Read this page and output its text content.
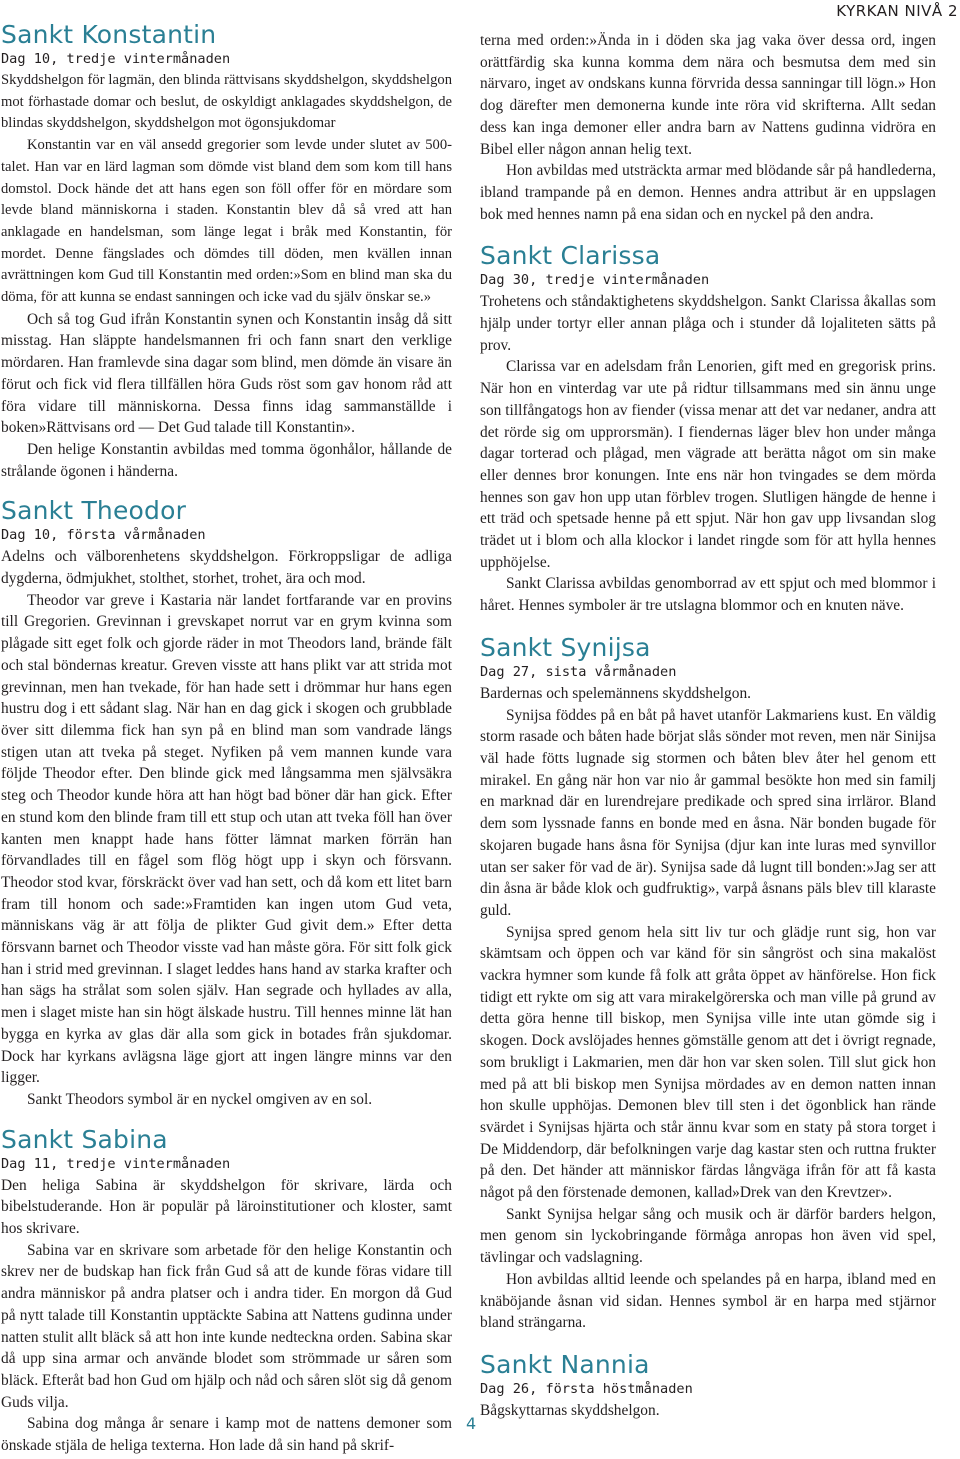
KYRKAN NIVÅ 2
Sankt Konstantin
Dag 10, tredje vintermånaden

Skyddshelgon för lagmän, den blinda rättvisans skyddshelgon, skyddshelgon mot förhastade domar och beslut, de oskyldigt anklagades skyddshelgon, de blindas skyddshelgon, skyddshelgon mot ögonsjukdomar

Konstantin var en väl ansedd gregorier som levde under slutet av 500-talet. Han var en lärd lagman som dömde vist bland dem som kom till hans domstol. Dock hände det att hans egen son föll offer för en mördare som levde bland människorna i staden. Konstantin blev då så vred att han anklagade en handelsman, som länge legat i bråk med Konstantin, för mordet. Denne fängslades och dömdes till döden, men kvällen innan avrättningen kom Gud till Konstantin med orden:»Som en blind man ska du döma, för att kunna se endast sanningen och icke vad du själv önskar se.»

Och så tog Gud ifrån Konstantin synen och Konstantin insåg då sitt misstag. Han släppte handelsmannen fri och fann snart den verklige mördaren. Han framlevde sina dagar som blind, men dömde än visare än förut och fick vid flera tillfällen höra Guds röst som gav honom råd att föra vidare till människorna. Dessa finns idag sammanställde i boken»Rättvisans ord — Det Gud talade till Konstantin».

Den helige Konstantin avbildas med tomma ögonhålor, hållande de strålande ögonen i händerna.

Sankt Theodor
Dag 10, första vårmånaden

Adelns och välborenhetens skyddshelgon. Förkroppsligar de adliga dygderna, ödmjukhet, stolthet, storhet, trohet, ära och mod.

Theodor var greve i Kastaria när landet fortfarande var en provins till Gregorien. Grevinnan i grevskapet norrut var en grym kvinna som plågade sitt eget folk och gjorde räder in mot Theodors land, brände fält och stal böndernas kreatur. Greven visste att hans plikt var att strida mot grevinnan, men han tvekade, för han hade sett i drömmar hur hans egen hustru dog i ett sådant slag. När han en dag gick i skogen och grubblade över sitt dilemma fick han syn på en blind man som vandrade längs stigen utan att tveka på steget. Nyfiken på vem mannen kunde vara följde Theodor efter. Den blinde gick med långsamma men självsäkra steg och Theodor kunde höra att han högt bad böner där han gick. Efter en stund kom den blinde fram till ett stup och utan att tveka föll han över kanten men knappt hade hans fötter lämnat marken förrän han förvandlades till en fågel som flög högt upp i skyn och försvann. Theodor stod kvar, förskräckt över vad han sett, och då kom ett litet barn fram till honom och sade:»Framtiden kan ingen utom Gud veta, människans väg är att följa de plikter Gud givit dem.» Efter detta försvann barnet och Theodor visste vad han måste göra. För sitt folk gick han i strid med grevinnan. I slaget leddes hans hand av starka krafter och han sägs ha strålat som solen själv. Han segrade och hyllades av alla, men i slaget miste han sin högt älskade hustru. Till hennes minne lät han bygga en kyrka av glas där alla som gick in botades från sjukdomar. Dock har kyrkans avlägsna läge gjort att ingen längre minns var den ligger.

Sankt Theodors symbol är en nyckel omgiven av en sol.

Sankt Sabina
Dag 11, tredje vintermånaden

Den heliga Sabina är skyddshelgon för skrivare, lärda och bibelstuderande. Hon är populär på läroinstitutioner och kloster, samt hos skrivare.

Sabina var en skrivare som arbetade för den helige Konstantin och skrev ner de budskap han fick från Gud så att de kunde föras vidare till andra människor på andra platser och i andra tider. En morgon då Gud på nytt talade till Konstantin upptäckte Sabina att Nattens gudinna under natten stulit allt bläck så att hon inte kunde nedteckna orden. Sabina skar då upp sina armar och använde blodet som strömmade ur såren som bläck. Efteråt bad hon Gud om hjälp och nåd och såren slöt sig då genom Guds vilja.

Sabina dog många år senare i kamp mot de nattens demoner som önskade stjäla de heliga texterna. Hon lade då sin hand på skrif-

terna med orden:»Ända in i döden ska jag vaka över dessa ord, ingen orättfärdig ska kunna komma dem nära och besmutsa dem med sin närvaro, inget av ondskans kunna förvrida dessa sanningar till lögn.» Hon dog därefter men demonerna kunde inte röra vid skrifterna. Allt sedan dess kan inga demoner eller andra barn av Nattens gudinna vidröra en Bibel eller någon annan helig text.

Hon avbildas med utsträckta armar med blödande sår på handlederna, ibland trampande på en demon. Hennes andra attribut är en uppslagen bok med hennes namn på ena sidan och en nyckel på den andra.

Sankt Clarissa
Dag 30, tredje vintermånaden

Trohetens och ståndaktighetens skyddshelgon. Sankt Clarissa åkallas som hjälp under tortyr eller annan plåga och i stunder då lojaliteten sätts på prov.

Clarissa var en adelsdam från Lenorien, gift med en gregorisk prins. När hon en vinterdag var ute på ridtur tillsammans med sin ännu unge son tillfångatogs hon av fiender (vissa menar att det var nedaner, andra att det rörde sig om upprorsmän). I fiendernas läger blev hon under många dagar torterad och plågad, men vägrade att berätta något om sin make eller dennes bror konungen. Inte ens när hon tvingades se dem mörda hennes son gav hon upp utan förblev trogen. Slutligen hängde de henne i ett träd och spetsade henne på ett spjut. När hon gav upp livsandan slog trädet ut i blom och alla klockor i landet ringde som för att hylla hennes upphöjelse.

Sankt Clarissa avbildas genomborrad av ett spjut och med blommor i håret. Hennes symboler är tre utslagna blommor och en knuten näve.

Sankt Synijsa
Dag 27, sista vårmånaden

Bardernas och spelemännens skyddshelgon.

Synijsa föddes på en båt på havet utanför Lakmariens kust. En väldig storm rasade och båten hade börjat slås sönder mot reven, men när Sinijsa väl hade fötts lugnade sig stormen och båten blev åter hel genom ett mirakel. En gång när hon var nio år gammal besökte hon med sin familj en marknad där en lurendrejare predikade och spred sina irrläror. Bland dem som lyssnade fanns en bonde med en åsna. När bonden bugade för skojaren bugade hans åsna för Synijsa (djur kan inte luras med synvillor utan ser saker för vad de är). Synijsa sade då lugnt till bonden:»Jag ser att din åsna är både klok och gudfruktig», varpå åsnans päls blev till klaraste guld.

Synijsa spred genom hela sitt liv tur och glädje runt sig, hon var skämtsam och öppen och var känd för sin sångröst och sina makalöst vackra hymner som kunde få folk att gråta öppet av hänförelse. Hon fick tidigt ett rykte om sig att vara mirakelgörerska och man ville på grund av detta göra henne till biskop, men Synijsa ville inte utan gömde sig i skogen. Dock avslöjades hennes gömställe genom att det i övrigt regnade, som brukligt i Lakmarien, men där hon var sken solen. Till slut gick hon med på att bli biskop men Synijsa mördades av en demon natten innan hon skulle upphöjas. Demonen blev till sten i det ögonblick han rände svärdet i Synijsas hjärta och står ännu kvar som en staty på stora torget i De Middendorp, där befolkningen varje dag kastar sten och ruttna frukter på den. Det händer att människor färdas långväga ifrån för att få kasta något på den förstenade demonen, kallad»Drek van den Krevtzer».

Sankt Synijsa helgar sång och musik och är därför barders helgon, men genom sin lyckobringande förmåga anropas hon även vid spel, tävlingar och vadslagning.

Hon avbildas alltid leende och spelandes på en harpa, ibland med en knäböjande åsnan vid sidan. Hennes symbol är en harpa med stjärnor bland strängarna.

Sankt Nannia
Dag 26, första höstmånaden

Bågskyttarnas skyddshelgon.

4
